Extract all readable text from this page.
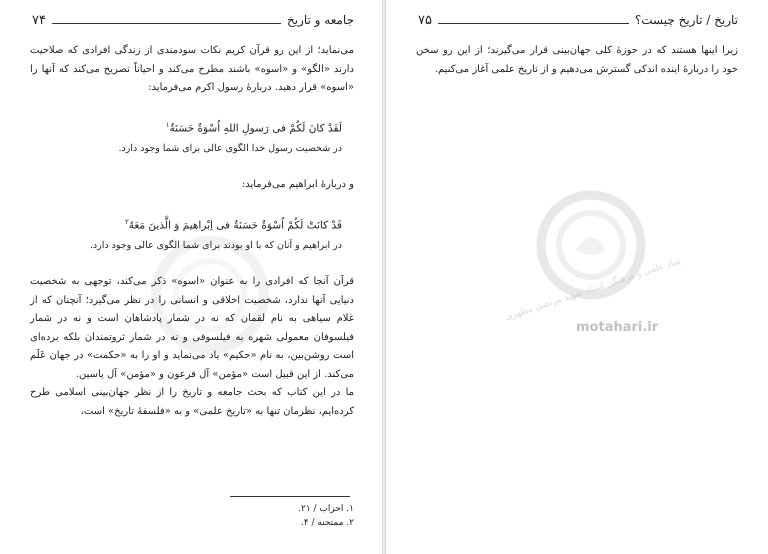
جامعه و تاریخ
۷۴

می‌نماید؛ از این رو قرآن کریم نکات سودمندی از زندگی افرادی که صلاحیت دارند «الگو» و «اسوه» باشند مطرح می‌کند و احیاناً تصریح می‌کند که آنها را «اسوه» قرار دهید. دربارهٔ رسول اکرم می‌فرماید:

لَقَدْ کانَ لَکُمْ فی رَسولِ اللهِ اُسْوَةٌ حَسَنَةٌ$^۱$
در شخصیت رسول خدا الگوی عالی برای شما وجود دارد.

و دربارهٔ ابراهیم می‌فرماید:

قَدْ کانَتْ لَکُمْ اُسْوَةٌ حَسَنَةٌ فی اِبْراهیمَ وَ الَّذینَ مَعَهُ$^۲$
در ابراهیم و آنان که با او بودند برای شما الگوی عالی وجود دارد.

قرآن آنجا که افرادی را به عنوان «اسوه» ذکر می‌کند، توجهی به شخصیت دنیایی آنها ندارد، شخصیت اخلاقی و انسانی را در نظر می‌گیرد؛ آنچنان که از غلام سیاهی به نام لقمان که نه در شمار پادشاهان است و نه در شمار فیلسوفان معمولی شهره به فیلسوفی و نه در شمار ثروتمندان بلکه برده‌ای است روشن‌بین، به نام «حکیم» یاد می‌نماید و او را به «حکمت» در جهان عَلَم می‌کند. از این قبیل است «مؤمن» آل فرعون و «مؤمن» آل یاسین.

ما در این کتاب که بحث جامعه و تاریخ را از نظر جهان‌بینی اسلامی طرح کرده‌ایم، نظرمان تنها به «تاریخ علمی» و به «فلسفهٔ تاریخ» است،

۱. احزاب / ۲۱.
۲. ممتحنه / ۴.
تاریخ / تاریخ چیست؟
۷۵

زیرا اینها هستند که در حوزهٔ کلی جهان‌بینی قرار می‌گیرند؛ از این رو سخن خود را دربارهٔ اینده اندکی گسترش می‌دهیم و از تاریخ علمی آغاز می‌کنیم.

بنیاد علمی و فرهنگی استاد شهید مرتضی مطهری
motahari.ir
